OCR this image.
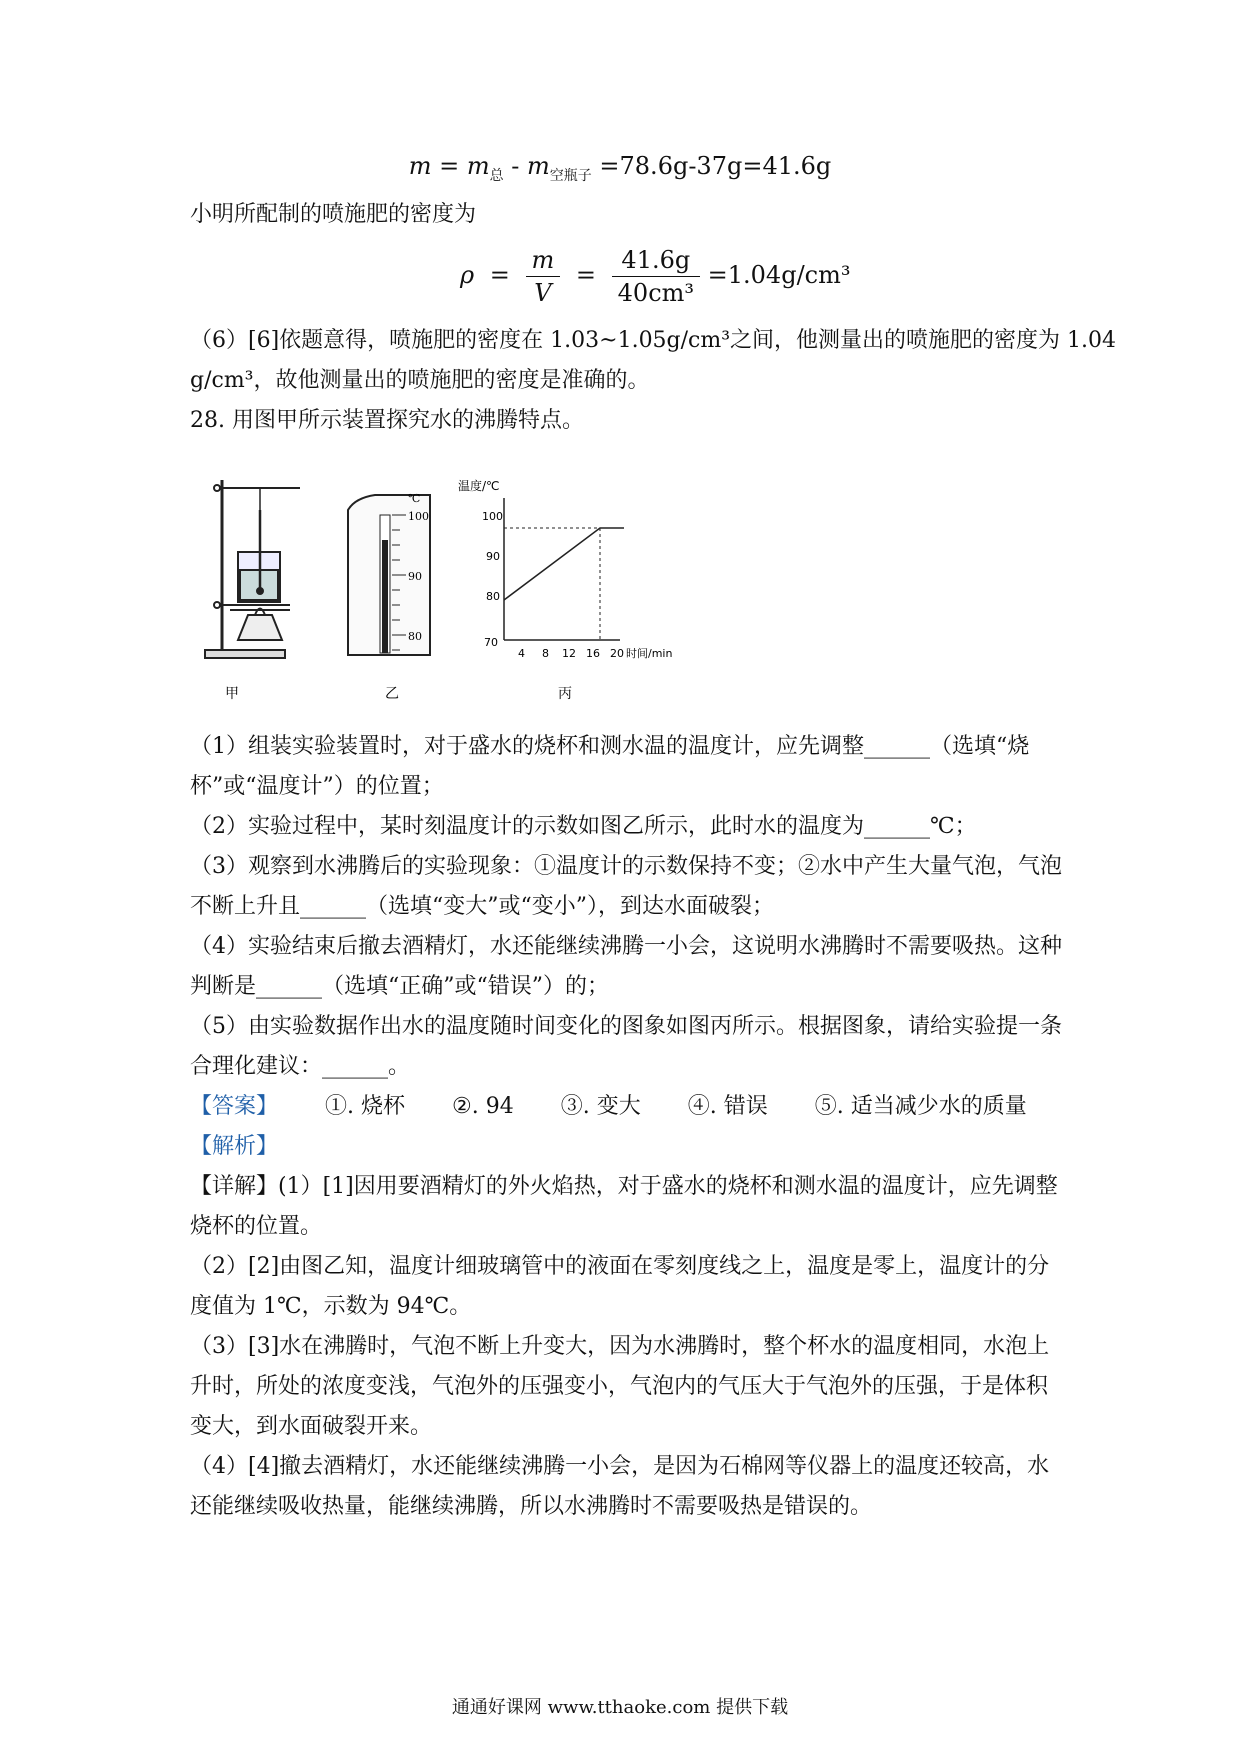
$m = m_总 - m_{空瓶子} =78.6g-37g=41.6g$
小明所配制的喷施肥的密度为
$\rho = \frac{m}{V} = \frac{41.6g}{\text{40cm³}} =1.04g/cm^3$
（6）[6]依题意得，喷施肥的密度在 1.03~1.05g/cm³之间，他测量出的喷施肥的密度为 1.04
g/cm³，故他测量出的喷施肥的密度是准确的。
28. 用图甲所示装置探究水的沸腾特点。
℃
100
90
80
温度/℃
100
90
80
70
4 8 12 16 20 时间/min
甲	乙	丙
（1）组装实验装置时，对于盛水的烧杯和测水温的温度计，应先调整______（选填“烧
杯”或“温度计”）的位置；
（2）实验过程中，某时刻温度计的示数如图乙所示，此时水的温度为______℃；
（3）观察到水沸腾后的实验现象：①温度计的示数保持不变；②水中产生大量气泡，气泡
不断上升且______（选填“变大”或“变小”），到达水面破裂；
（4）实验结束后撤去酒精灯，水还能继续沸腾一小会，这说明水沸腾时不需要吸热。这种
判断是______（选填“正确”或“错误”）的；
（5）由实验数据作出水的温度随时间变化的图象如图丙所示。根据图象，请给实验提一条
合理化建议：______。
【答案】 ①. 烧杯 ②. 94 ③. 变大 ④. 错误 ⑤. 适当减少水的质量
【解析】
【详解】(1）[1]因用要酒精灯的外火焰热，对于盛水的烧杯和测水温的温度计，应先调整
烧杯的位置。
（2）[2]由图乙知，温度计细玻璃管中的液面在零刻度线之上，温度是零上，温度计的分
度值为 1℃，示数为 94℃。
（3）[3]水在沸腾时，气泡不断上升变大，因为水沸腾时，整个杯水的温度相同，水泡上
升时，所处的浓度变浅，气泡外的压强变小，气泡内的气压大于气泡外的压强，于是体积
变大，到水面破裂开来。
（4）[4]撤去酒精灯，水还能继续沸腾一小会，是因为石棉网等仪器上的温度还较高，水
还能继续吸收热量，能继续沸腾，所以水沸腾时不需要吸热是错误的。
通通好课网 www.tthaoke.com 提供下载
